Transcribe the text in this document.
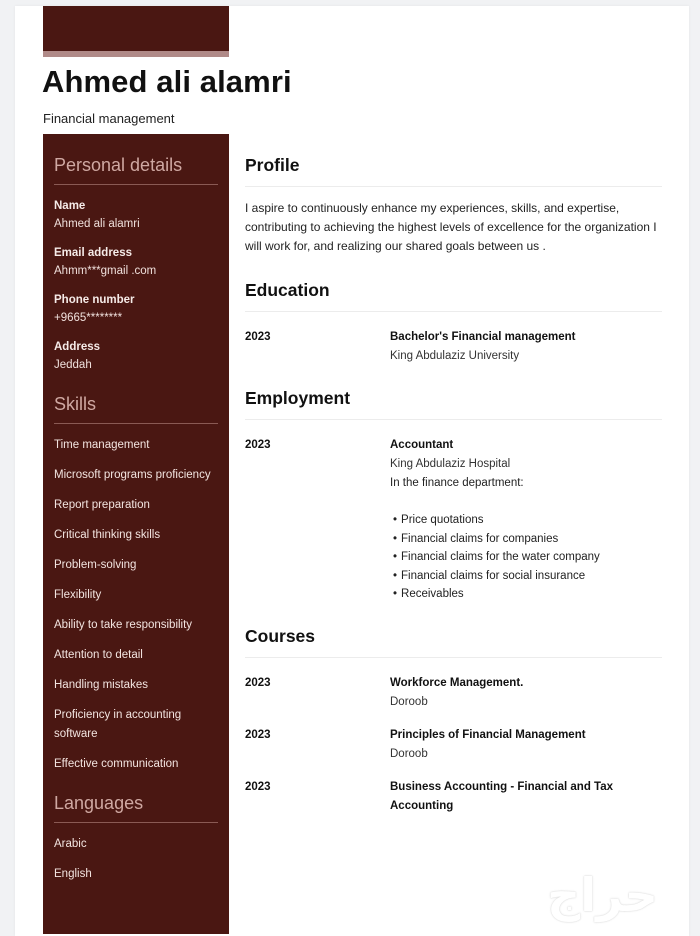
Ahmed ali alamri
Financial management
Personal details
Name
Ahmed ali alamri
Email address
Ahmm***gmail .com
Phone number
+9665********
Address
Jeddah
Skills
Time management
Microsoft programs proficiency
Report preparation
Critical thinking skills
Problem-solving
Flexibility
Ability to take responsibility
Attention to detail
Handling mistakes
Proficiency in accounting software
Effective communication
Languages
Arabic
English
Profile

I aspire to continuously enhance my experiences, skills, and expertise, contributing to achieving the highest levels of excellence for the organization I will work for, and realizing our shared goals between us .

Education
2023	Bachelor's Financial management
King Abdulaziz University
Employment
2023	Accountant
King Abdulaziz Hospital
In the finance department:
• Price quotations
• Financial claims for companies
• Financial claims for the water company
• Financial claims for social insurance
• Receivables
Courses
2023	Workforce Management.
Doroob
2023	Principles of Financial Management
Doroob
2023	Business Accounting - Financial and Tax Accounting
حراج
